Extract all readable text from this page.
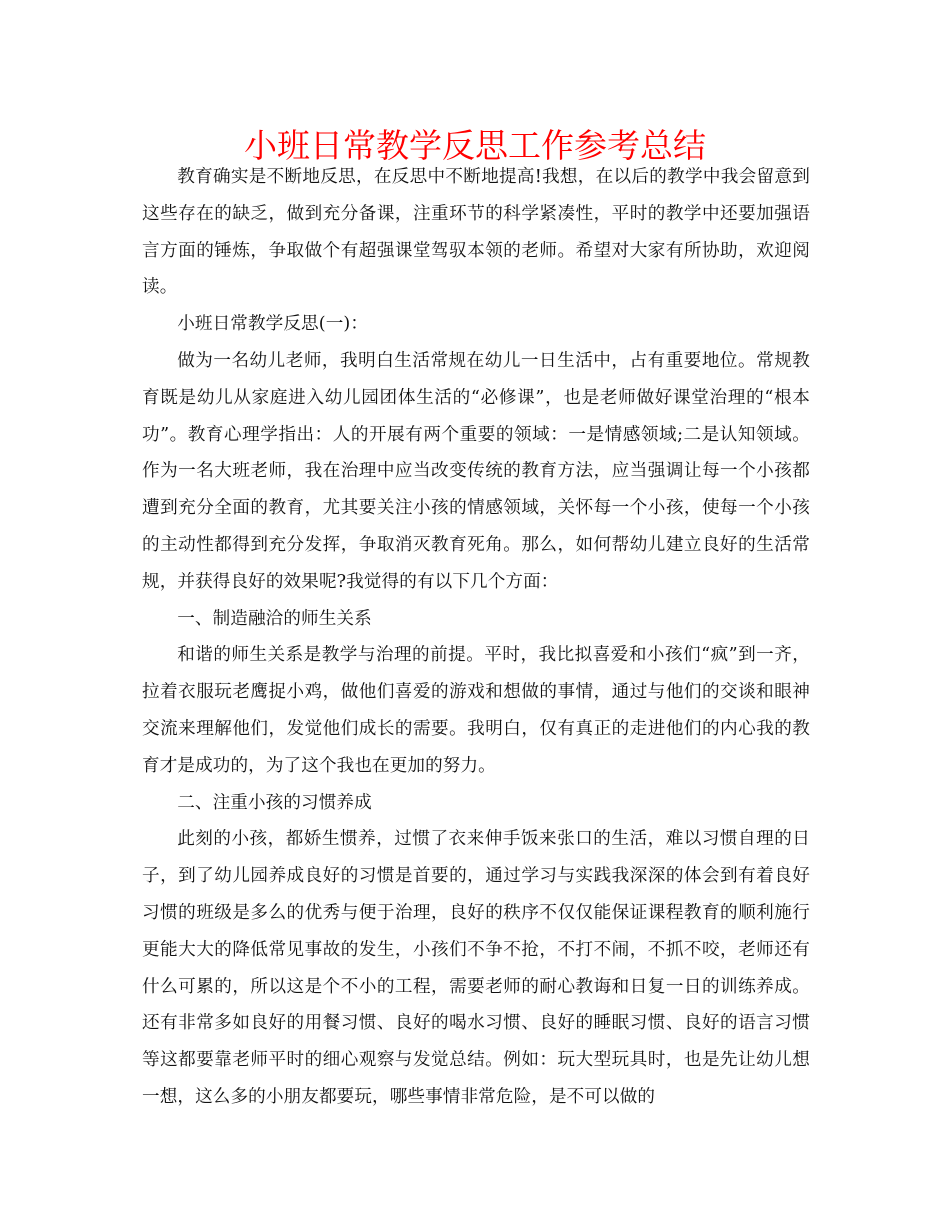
小班日常教学反思工作参考总结

教育确实是不断地反思，在反思中不断地提高!我想，在以后的教学中我会留意到这些存在的缺乏，做到充分备课，注重环节的科学紧凑性，平时的教学中还要加强语言方面的锤炼，争取做个有超强课堂驾驭本领的老师。希望对大家有所协助，欢迎阅读。

小班日常教学反思(一)：

做为一名幼儿老师，我明白生活常规在幼儿一日生活中，占有重要地位。常规教育既是幼儿从家庭进入幼儿园团体生活的“必修课”，也是老师做好课堂治理的“根本功”。教育心理学指出：人的开展有两个重要的领域：一是情感领域;二是认知领域。作为一名大班老师，我在治理中应当改变传统的教育方法，应当强调让每一个小孩都遭到充分全面的教育，尤其要关注小孩的情感领域，关怀每一个小孩，使每一个小孩的主动性都得到充分发挥，争取消灭教育死角。那么，如何帮幼儿建立良好的生活常规，并获得良好的效果呢?我觉得的有以下几个方面：

一、制造融洽的师生关系

和谐的师生关系是教学与治理的前提。平时，我比拟喜爱和小孩们“疯”到一齐，拉着衣服玩老鹰捉小鸡，做他们喜爱的游戏和想做的事情，通过与他们的交谈和眼神交流来理解他们，发觉他们成长的需要。我明白，仅有真正的走进他们的内心我的教育才是成功的，为了这个我也在更加的努力。

二、注重小孩的习惯养成

此刻的小孩，都娇生惯养，过惯了衣来伸手饭来张口的生活，难以习惯自理的日子，到了幼儿园养成良好的习惯是首要的，通过学习与实践我深深的体会到有着良好习惯的班级是多么的优秀与便于治理，良好的秩序不仅仅能保证课程教育的顺利施行更能大大的降低常见事故的发生，小孩们不争不抢，不打不闹，不抓不咬，老师还有什么可累的，所以这是个不小的工程，需要老师的耐心教诲和日复一日的训练养成。还有非常多如良好的用餐习惯、良好的喝水习惯、良好的睡眠习惯、良好的语言习惯等这都要靠老师平时的细心观察与发觉总结。例如：玩大型玩具时，也是先让幼儿想一想，这么多的小朋友都要玩，哪些事情非常危险，是不可以做的
